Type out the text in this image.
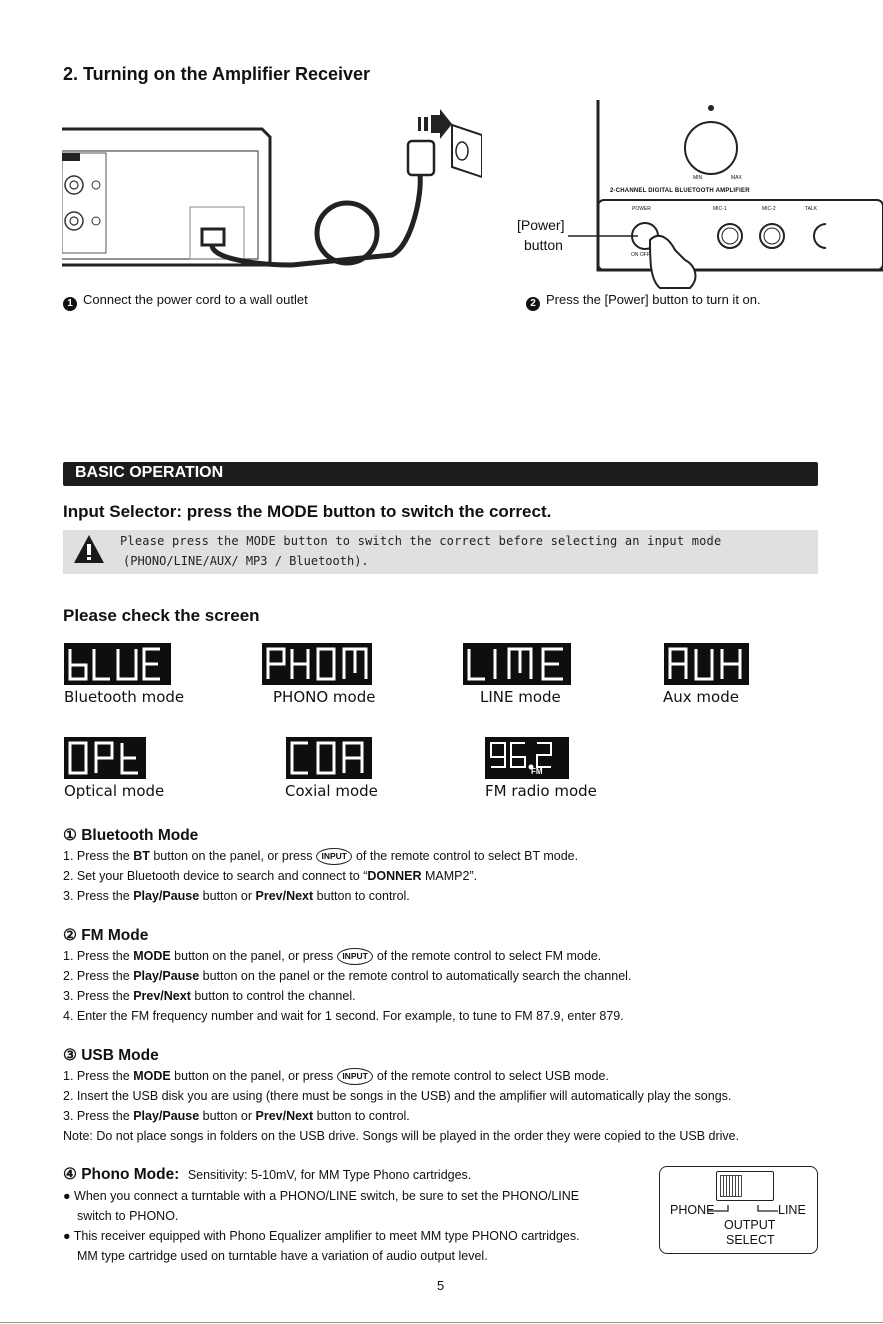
2. Turning on the Amplifier Receiver
MIN	MAX
2-CHANNEL DIGITAL BLUETOOTH AMPLIFIER
POWER	MIC-1	MIC-2	TALK
ON OFF
[Power]
button
1 Connect the power cord to a wall outlet	2 Press the [Power] button to turn it on.
BASIC OPERATION
Input Selector: press the MODE button to switch the correct.
Please press the MODE button to switch the correct before selecting an input mode
(PHONO/LINE/AUX/ MP3 / Bluetooth).
Please check the screen
Bluetooth mode	PHONO mode	LINE mode	Aux mode
Optical mode	Coxial mode
FM
FM radio mode
① Bluetooth Mode
1. Press the BT button on the panel, or press INPUT of the remote control to select BT mode.
2. Set your Bluetooth device to search and connect to “DONNER MAMP2”.
3. Press the Play/Pause button or Prev/Next button to control.
② FM Mode
1. Press the MODE button on the panel, or press INPUT of the remote control to select FM mode.
2. Press the Play/Pause button on the panel or the remote control to automatically search the channel.
3. Press the Prev/Next button to control the channel.
4. Enter the FM frequency number and wait for 1 second. For example, to tune to FM 87.9, enter 879.
③ USB Mode
1. Press the MODE button on the panel, or press INPUT of the remote control to select USB mode.
2. Insert the USB disk you are using (there must be songs in the USB) and the amplifier will automatically play the songs.
3. Press the Play/Pause button or Prev/Next button to control.
Note: Do not place songs in folders on the USB drive. Songs will be played in the order they were copied to the USB drive.
④ Phono Mode: Sensitivity: 5-10mV, for MM Type Phono cartridges.
● When you connect a turntable with a PHONO/LINE switch, be sure to set the PHONO/LINE
switch to PHONO.
● This receiver equipped with Phono Equalizer amplifier to meet MM type PHONO cartridges.
MM type cartridge used on turntable have a variation of audio output level.
PHONE	LINE
OUTPUT
SELECT
5
